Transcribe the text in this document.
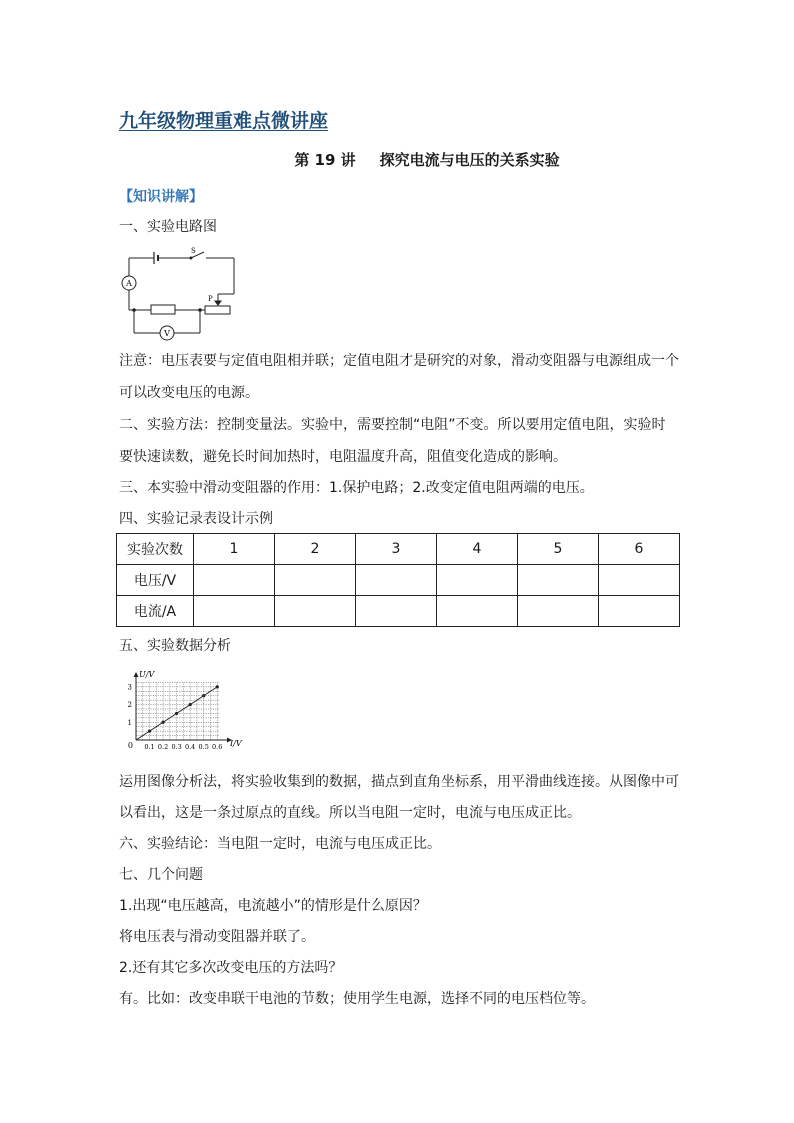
九年级物理重难点微讲座
第 19 讲 探究电流与电压的关系实验
【知识讲解】
一、实验电路图
S
A
V
P
注意：电压表要与定值电阻相并联；定值电阻才是研究的对象，滑动变阻器与电源组成一个
可以改变电压的电源。
二、实验方法：控制变量法。实验中，需要控制“电阻”不变。所以要用定值电阻，实验时
要快速读数，避免长时间加热时，电阻温度升高，阻值变化造成的影响。
三、本实验中滑动变阻器的作用：1.保护电路；2.改变定值电阻两端的电压。
四、实验记录表设计示例
实验次数	1	2	3	4	5	6
电压/V						
电流/A						
五、实验数据分析
0.1 0.2 0.3 0.4 0.5 0.6
1
2
3
U/V
I/V
0
运用图像分析法，将实验收集到的数据，描点到直角坐标系，用平滑曲线连接。从图像中可
以看出，这是一条过原点的直线。所以当电阻一定时，电流与电压成正比。
六、实验结论：当电阻一定时，电流与电压成正比。
七、几个问题
1.出现“电压越高，电流越小”的情形是什么原因？
将电压表与滑动变阻器并联了。
2.还有其它多次改变电压的方法吗？
有。比如：改变串联干电池的节数；使用学生电源，选择不同的电压档位等。
